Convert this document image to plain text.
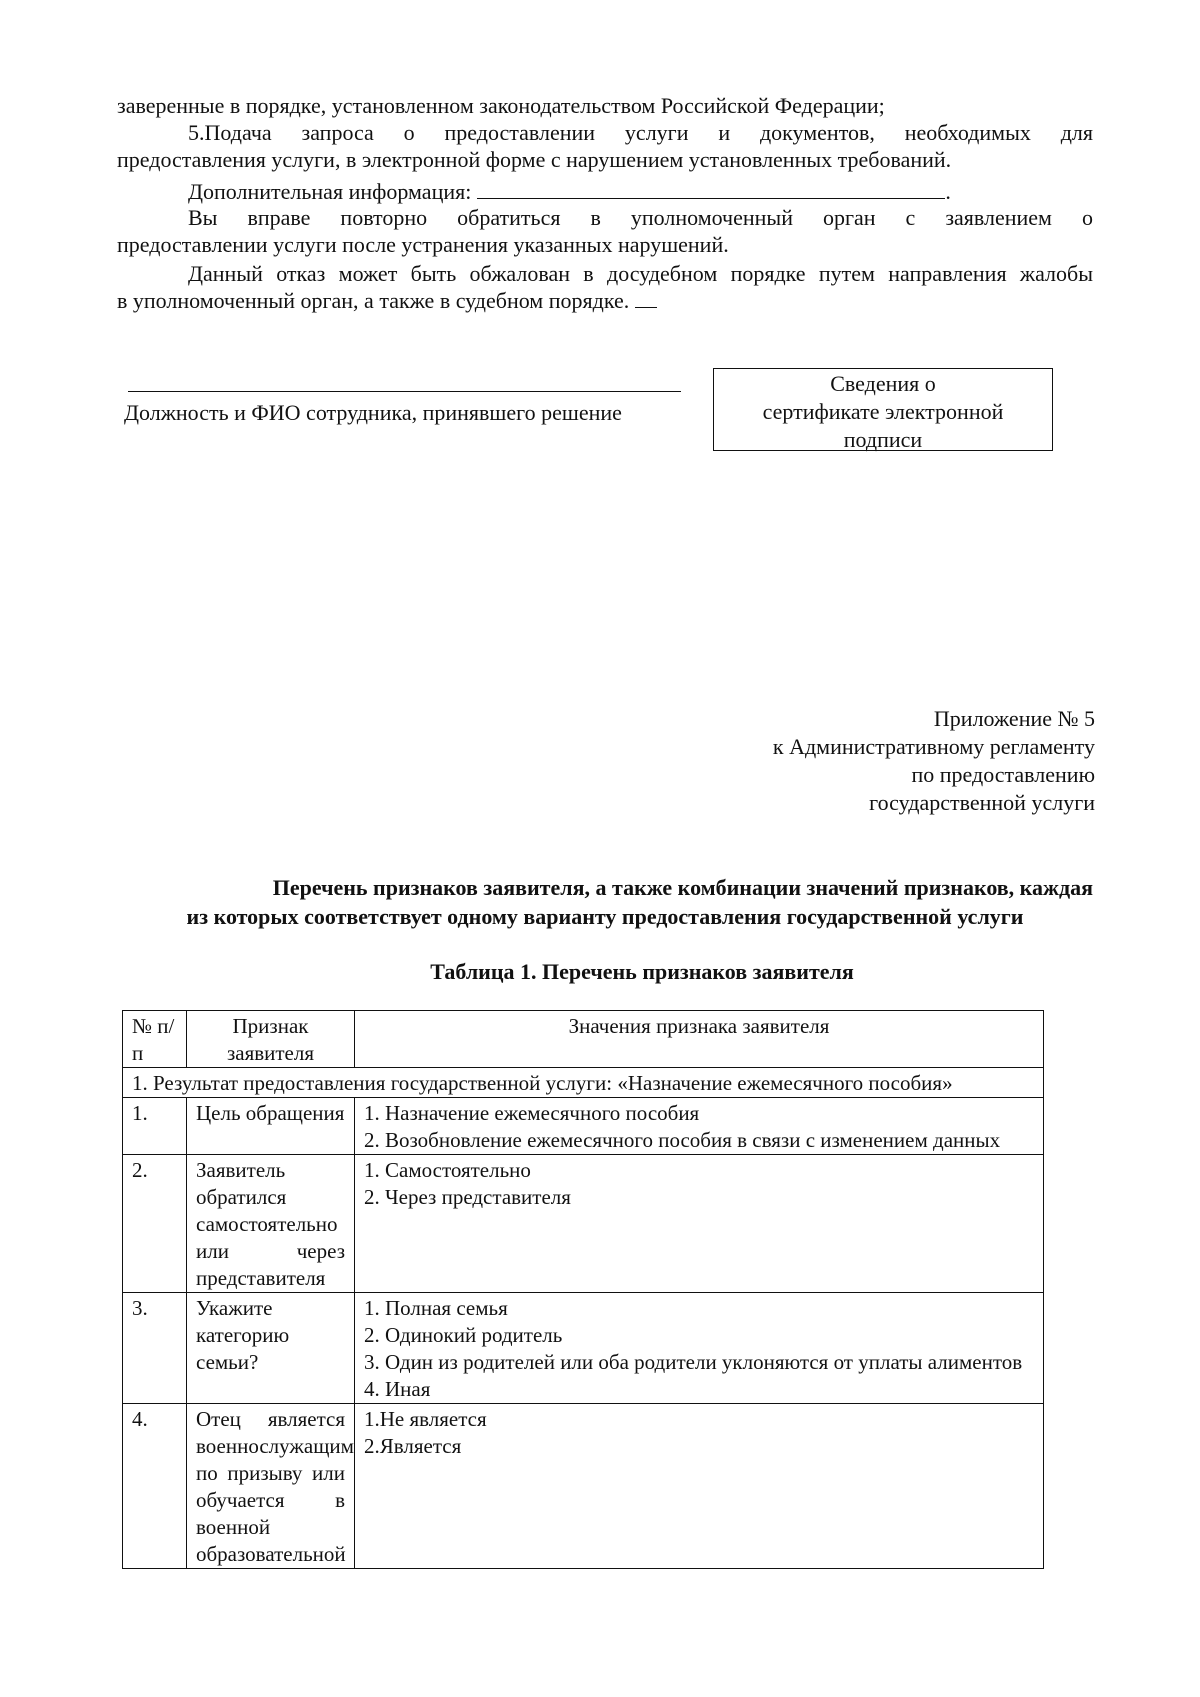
заверенные в порядке, установленном законодательством Российской Федерации;

5.Подача запроса о предоставлении услуги и документов, необходимых для

предоставления услуги, в электронной форме с нарушением установленных требований.

Дополнительная информация:	.

Вы вправе повторно обратиться в уполномоченный орган с заявлением о

предоставлении услуги после устранения указанных нарушений.

Данный отказ может быть обжалован в досудебном порядке путем направления жалобы

в уполномоченный орган, а также в судебном порядке.

Должность и ФИО сотрудника, принявшего решение
Сведения о
сертификате электронной
подписи
Приложение № 5
к Административному регламенту
по предоставлению
государственной услуги
Перечень признаков заявителя, а также комбинации значений признаков, каждая
из которых соответствует одному варианту предоставления государственной услуги

Таблица 1. Перечень признаков заявителя

№ п/п	Признак заявителя	Значения признака заявителя
1. Результат предоставления государственной услуги: «Назначение ежемесячного пособия»		
1.	Цель обращения	1. Назначение ежемесячного пособия
2. Возобновление ежемесячного пособия в связи с изменением данных

2.	Заявитель обратился самостоятельно или через представителя	1. Самостоятельно
2. Через представителя

3.	Укажите категорию семьи?	1. Полная семья
2. Одинокий родитель
3. Один из родителей или оба родители уклоняются от уплаты алиментов
4. Иная

4.	Отец является военнослужащим по призыву или обучается в военной образовательной	1.Не является
2.Является
